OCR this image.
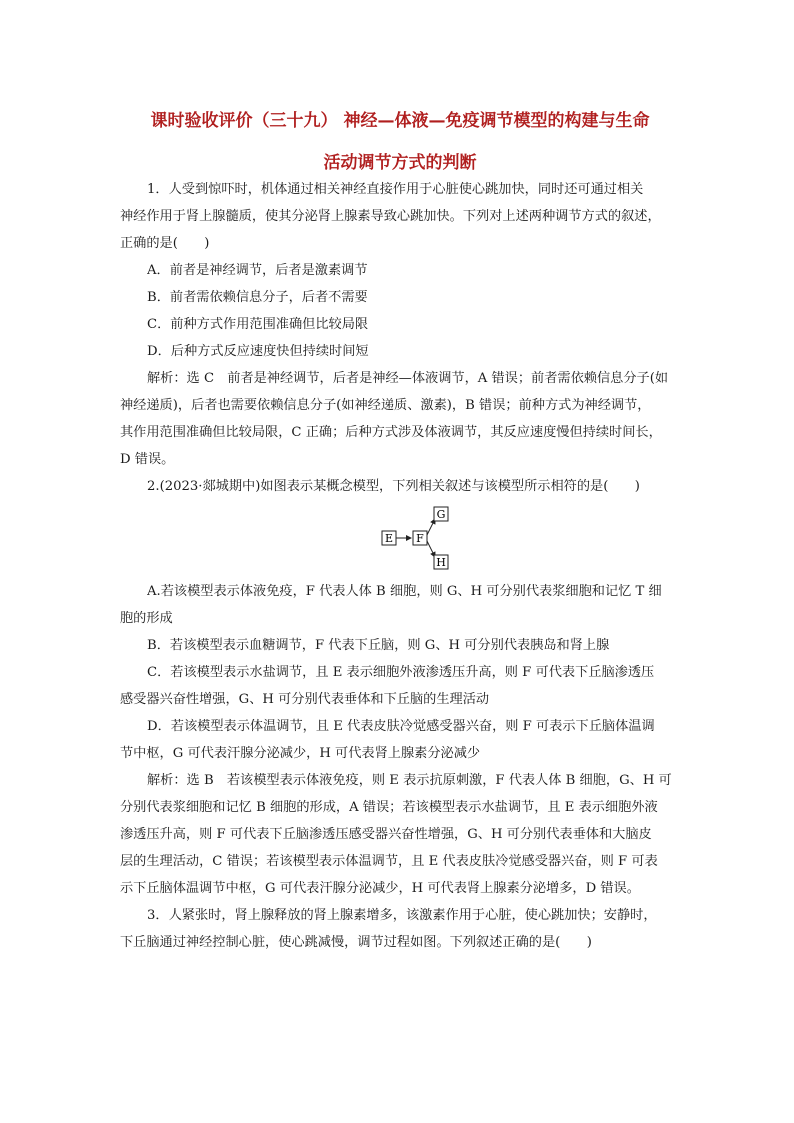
课时验收评价（三十九） 神经—体液—免疫调节模型的构建与生命
活动调节方式的判断

1．人受到惊吓时，机体通过相关神经直接作用于心脏使心跳加快，同时还可通过相关

神经作用于肾上腺髓质，使其分泌肾上腺素导致心跳加快。下列对上述两种调节方式的叙述，

正确的是(　　)

A．前者是神经调节，后者是激素调节

B．前者需依赖信息分子，后者不需要

C．前种方式作用范围准确但比较局限

D．后种方式反应速度快但持续时间短

解析：选 C　前者是神经调节，后者是神经—体液调节，A 错误；前者需依赖信息分子(如

神经递质)，后者也需要依赖信息分子(如神经递质、激素)，B 错误；前种方式为神经调节，

其作用范围准确但比较局限，C 正确；后种方式涉及体液调节，其反应速度慢但持续时间长，

D 错误。

2.(2023·郯城期中)如图表示某概念模型，下列相关叙述与该模型所示相符的是(　　)

E F
G
H

A.若该模型表示体液免疫，F 代表人体 B 细胞，则 G、H 可分别代表浆细胞和记忆 T 细

胞的形成

B．若该模型表示血糖调节，F 代表下丘脑，则 G、H 可分别代表胰岛和肾上腺

C．若该模型表示水盐调节，且 E 表示细胞外液渗透压升高，则 F 可代表下丘脑渗透压

感受器兴奋性增强，G、H 可分别代表垂体和下丘脑的生理活动

D．若该模型表示体温调节，且 E 代表皮肤冷觉感受器兴奋，则 F 可表示下丘脑体温调

节中枢，G 可代表汗腺分泌减少，H 可代表肾上腺素分泌减少

解析：选 B　若该模型表示体液免疫，则 E 表示抗原刺激，F 代表人体 B 细胞，G、H 可

分别代表浆细胞和记忆 B 细胞的形成，A 错误；若该模型表示水盐调节，且 E 表示细胞外液

渗透压升高，则 F 可代表下丘脑渗透压感受器兴奋性增强，G、H 可分别代表垂体和大脑皮

层的生理活动，C 错误；若该模型表示体温调节，且 E 代表皮肤冷觉感受器兴奋，则 F 可表

示下丘脑体温调节中枢，G 可代表汗腺分泌减少，H 可代表肾上腺素分泌增多，D 错误。

3．人紧张时，肾上腺释放的肾上腺素增多，该激素作用于心脏，使心跳加快；安静时，

下丘脑通过神经控制心脏，使心跳减慢，调节过程如图。下列叙述正确的是(　　)
